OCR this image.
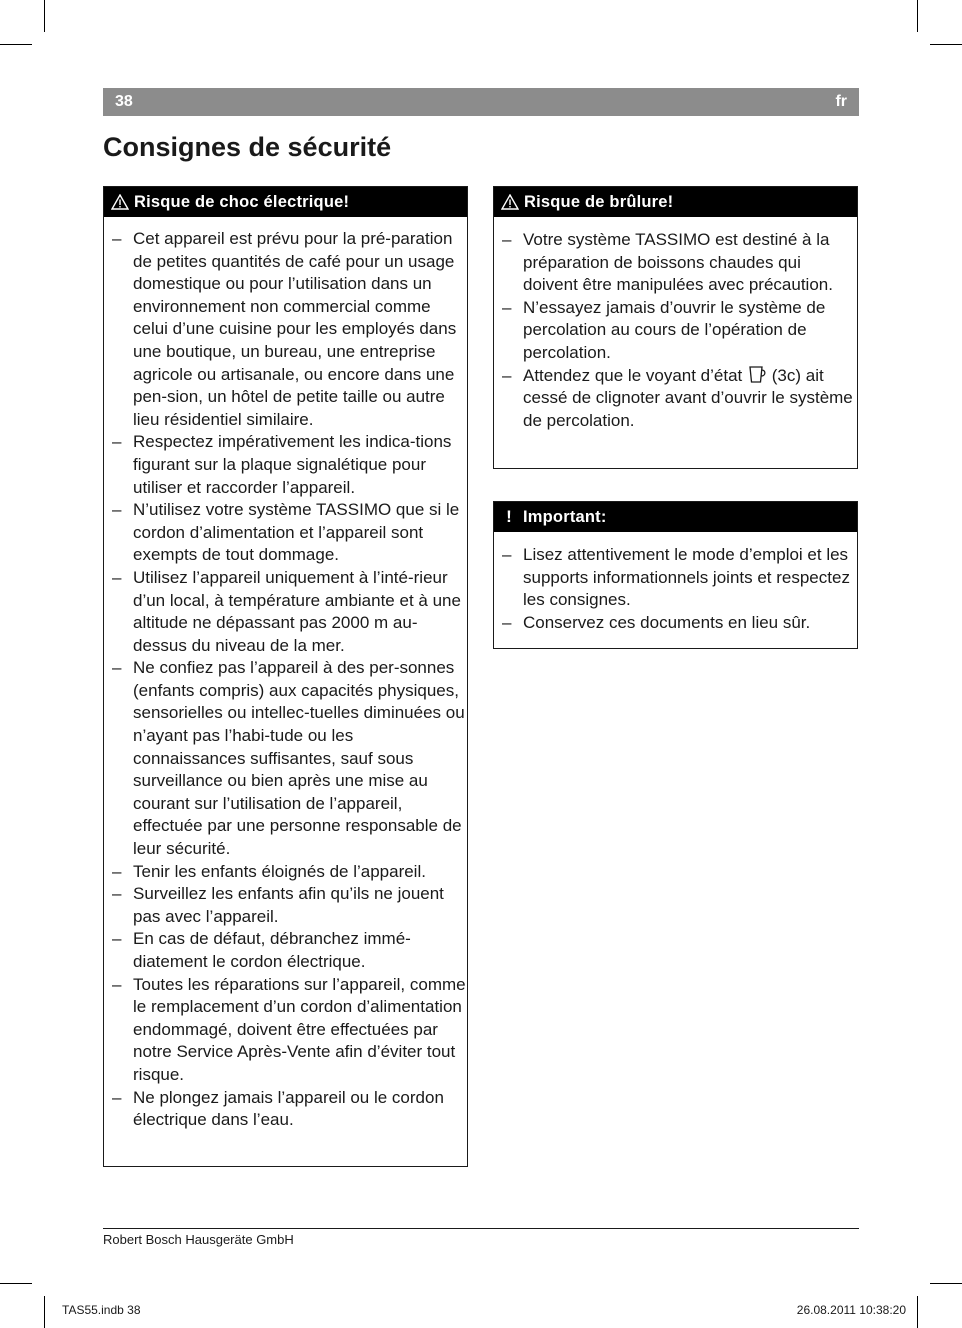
38	fr
Consignes de sécurité
Risque de choc électrique!
– Cet appareil est prévu pour la pré-paration de petites quantités de café pour un usage domestique ou pour l’utilisation dans un environnement non commercial comme celui d’une cuisine pour les employés dans une boutique, un bureau, une entreprise agricole ou artisanale, ou encore dans une pen-sion, un hôtel de petite taille ou autre lieu résidentiel similaire.
– Respectez impérativement les indica-tions figurant sur la plaque signalétique pour utiliser et raccorder l’appareil.
– N’utilisez votre système TASSIMO que si le cordon d’alimentation et l’appareil sont exempts de tout dommage.
– Utilisez l’appareil uniquement à l’inté-rieur d’un local, à température ambiante et à une altitude ne dépassant pas 2000 m au-dessus du niveau de la mer.
– Ne confiez pas l’appareil à des per-sonnes (enfants compris) aux capacités physiques, sensorielles ou intellec-tuelles diminuées ou n’ayant pas l’habi-tude ou les connaissances suffisantes, sauf sous surveillance ou bien après une mise au courant sur l’utilisation de l’appareil, effectuée par une personne responsable de leur sécurité.
– Tenir les enfants éloignés de l’appareil.
– Surveillez les enfants afin qu’ils ne jouent pas avec l’appareil.
– En cas de défaut, débranchez immé-diatement le cordon électrique.
– Toutes les réparations sur l’appareil, comme le remplacement d’un cordon d’alimentation endommagé, doivent être effectuées par notre Service Après-Vente afin d’éviter tout risque.
– Ne plongez jamais l’appareil ou le cordon électrique dans l’eau.
Risque de brûlure!
– Votre système TASSIMO est destiné à la préparation de boissons chaudes qui doivent être manipulées avec précaution.
– N’essayez jamais d’ouvrir le système de percolation au cours de l’opération de percolation.
– Attendez que le voyant d’état (3c) ait cessé de clignoter avant d’ouvrir le système de percolation.
! Important:
– Lisez attentivement le mode d’emploi et les supports informationnels joints et respectez les consignes.
– Conservez ces documents en lieu sûr.
Robert Bosch Hausgeräte GmbH
TAS55.indb 38	26.08.2011 10:38:20
